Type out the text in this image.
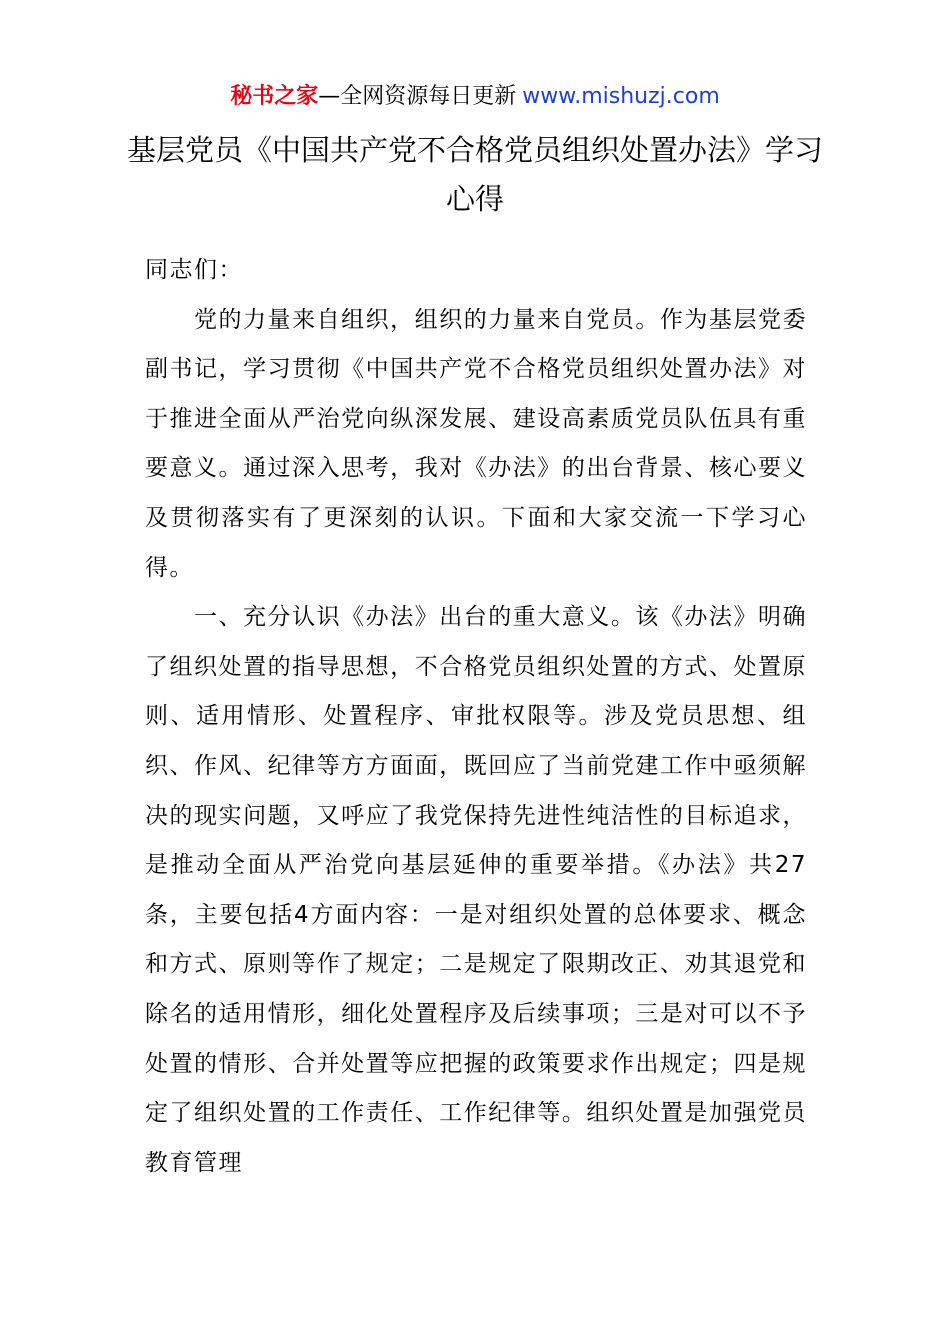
秘书之家—全网资源每日更新 www.mishuzj.com
基层党员《中国共产党不合格党员组织处置办法》学习心得

同志们：

党的力量来自组织，组织的力量来自党员。作为基层党委副书记，学习贯彻《中国共产党不合格党员组织处置办法》对于推进全面从严治党向纵深发展、建设高素质党员队伍具有重要意义。通过深入思考，我对《办法》的出台背景、核心要义及贯彻落实有了更深刻的认识。下面和大家交流一下学习心得。

一、充分认识《办法》出台的重大意义。该《办法》明确了组织处置的指导思想，不合格党员组织处置的方式、处置原则、适用情形、处置程序、审批权限等。涉及党员思想、组织、作风、纪律等方方面面，既回应了当前党建工作中亟须解决的现实问题，又呼应了我党保持先进性纯洁性的目标追求，是推动全面从严治党向基层延伸的重要举措。《办法》共27条，主要包括4方面内容：一是对组织处置的总体要求、概念和方式、原则等作了规定；二是规定了限期改正、劝其退党和除名的适用情形，细化处置程序及后续事项；三是对可以不予处置的情形、合并处置等应把握的政策要求作出规定；四是规定了组织处置的工作责任、工作纪律等。组织处置是加强党员教育管理
